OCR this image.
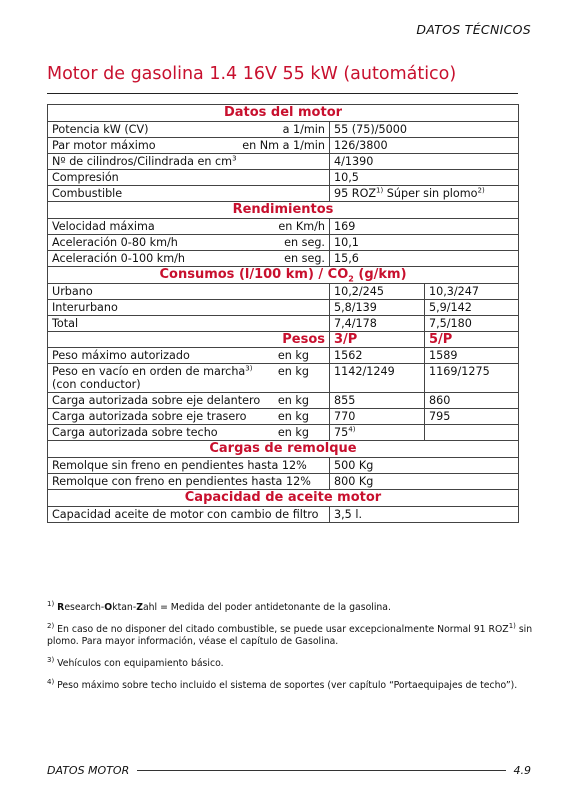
DATOS TÉCNICOS
Motor de gasolina 1.4 16V 55 kW (automático)
Datos del motor		
Potencia kW (CV) a 1/min	55 (75)/5000	
Par motor máximo en Nm a 1/min	126/3800	
Nº de cilindros/Cilindrada en $cm^3$	4/1390	
Compresión	10,5	
Combustible	95 ROZ$^{1)}$ Súper sin plomo$^{2)}$
Rendimientos		
Velocidad máxima en Km/h	169	
Aceleración 0-80 km/h en seg.	10,1	
Aceleración 0-100 km/h en seg.	15,6	
Consumos (l/100 $km) / CO_2$ (g/km)		
Urbano	10,2/245	10,3/247
Interurbano	5,8/139	5,9/142
Total	7,4/178	7,5/180
Pesos	3/P	5/P
Peso máximo autorizado en kg	1562	1589
Peso en vacío en orden de marcha$^{3)}$
(con conductor)
en kg	1142/1249	1169/1275
Carga autorizada sobre eje delantero en kg	855	860
Carga autorizada sobre eje trasero en kg	770	795
Carga autorizada sobre techo en kg	75$^{4)}$	
Cargas de remolque		
Remolque sin freno en pendientes hasta 12%	500 Kg	
Remolque con freno en pendientes hasta 12%	800 Kg	
Capacidad de aceite motor		
Capacidad aceite de motor con cambio de filtro	3,5 l.	
$^{1)}$ Research-Oktan-Zahl = Medida del poder antidetonante de la gasolina.
$^{2)}$ En caso de no disponer del citado combustible, se puede usar excepcionalmente Normal 91 ROZ$^{1)}$ sin plomo. Para mayor información, véase el capítulo de Gasolina.
$^{3)}$ Vehículos con equipamiento básico.
$^{4)}$ Peso máximo sobre techo incluido el sistema de soportes (ver capítulo “Portaequipajes de techo”).
DATOS MOTOR	4.9
